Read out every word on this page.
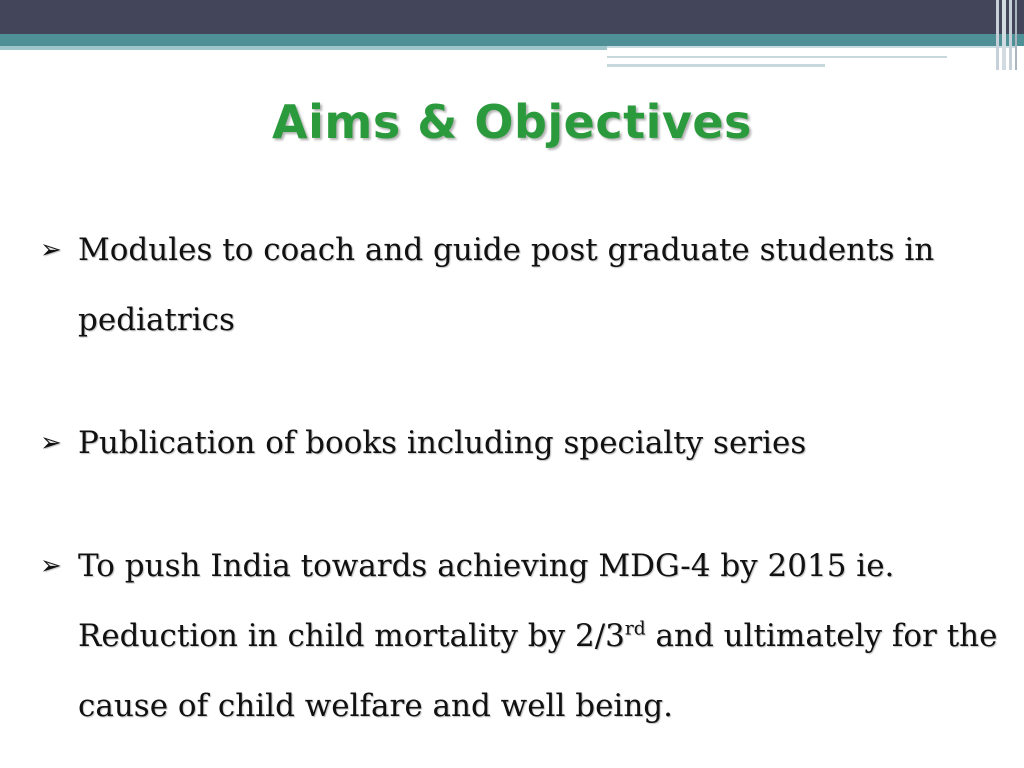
Aims & Objectives
➢ Modules to coach and guide post graduate students in pediatrics
➢ Publication of books including specialty series
➢ To push India towards achieving MDG-4 by 2015 ie. Reduction in child mortality by 2/3rd and ultimately for the cause of child welfare and well being.
